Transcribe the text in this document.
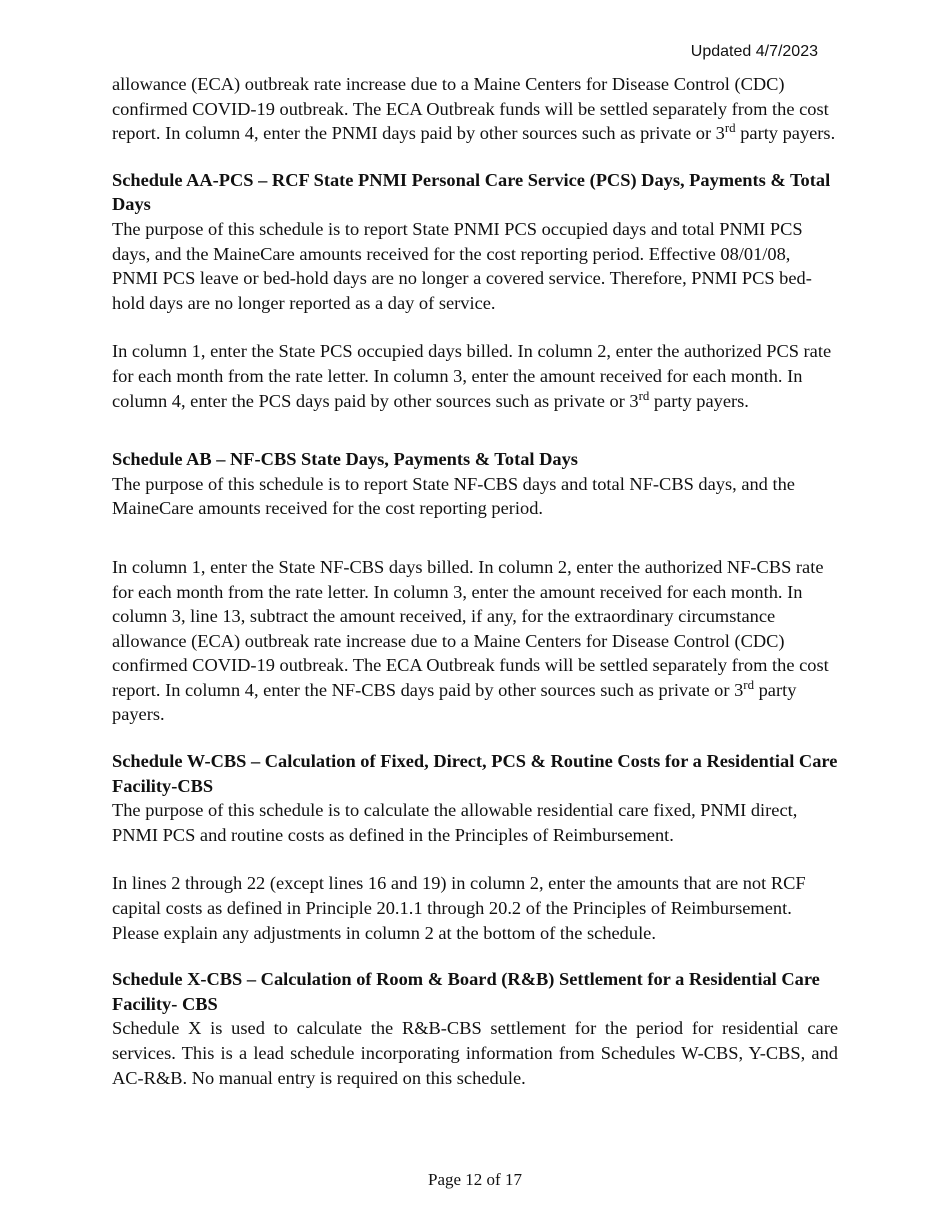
Updated 4/7/2023

allowance (ECA) outbreak rate increase due to a Maine Centers for Disease Control (CDC) confirmed COVID-19 outbreak. The ECA Outbreak funds will be settled separately from the cost report. In column 4, enter the PNMI days paid by other sources such as private or 3rd party payers.

Schedule AA-PCS – RCF State PNMI Personal Care Service (PCS) Days, Payments & Total Days

The purpose of this schedule is to report State PNMI PCS occupied days and total PNMI PCS days, and the MaineCare amounts received for the cost reporting period. Effective 08/01/08, PNMI PCS leave or bed-hold days are no longer a covered service. Therefore, PNMI PCS bed-hold days are no longer reported as a day of service.

In column 1, enter the State PCS occupied days billed. In column 2, enter the authorized PCS rate for each month from the rate letter. In column 3, enter the amount received for each month. In column 4, enter the PCS days paid by other sources such as private or 3rd party payers.

Schedule AB – NF-CBS State Days, Payments & Total Days

The purpose of this schedule is to report State NF-CBS days and total NF-CBS days, and the MaineCare amounts received for the cost reporting period.

In column 1, enter the State NF-CBS days billed. In column 2, enter the authorized NF-CBS rate for each month from the rate letter. In column 3, enter the amount received for each month. In column 3, line 13, subtract the amount received, if any, for the extraordinary circumstance allowance (ECA) outbreak rate increase due to a Maine Centers for Disease Control (CDC) confirmed COVID-19 outbreak. The ECA Outbreak funds will be settled separately from the cost report. In column 4, enter the NF-CBS days paid by other sources such as private or 3rd party payers.

Schedule W-CBS – Calculation of Fixed, Direct, PCS & Routine Costs for a Residential Care Facility-CBS

The purpose of this schedule is to calculate the allowable residential care fixed, PNMI direct, PNMI PCS and routine costs as defined in the Principles of Reimbursement.

In lines 2 through 22 (except lines 16 and 19) in column 2, enter the amounts that are not RCF capital costs as defined in Principle 20.1.1 through 20.2 of the Principles of Reimbursement. Please explain any adjustments in column 2 at the bottom of the schedule.

Schedule X-CBS – Calculation of Room & Board (R&B) Settlement for a Residential Care Facility- CBS

Schedule X is used to calculate the R&B-CBS settlement for the period for residential care services. This is a lead schedule incorporating information from Schedules W-CBS, Y-CBS, and AC-R&B. No manual entry is required on this schedule.

Page 12 of 17
